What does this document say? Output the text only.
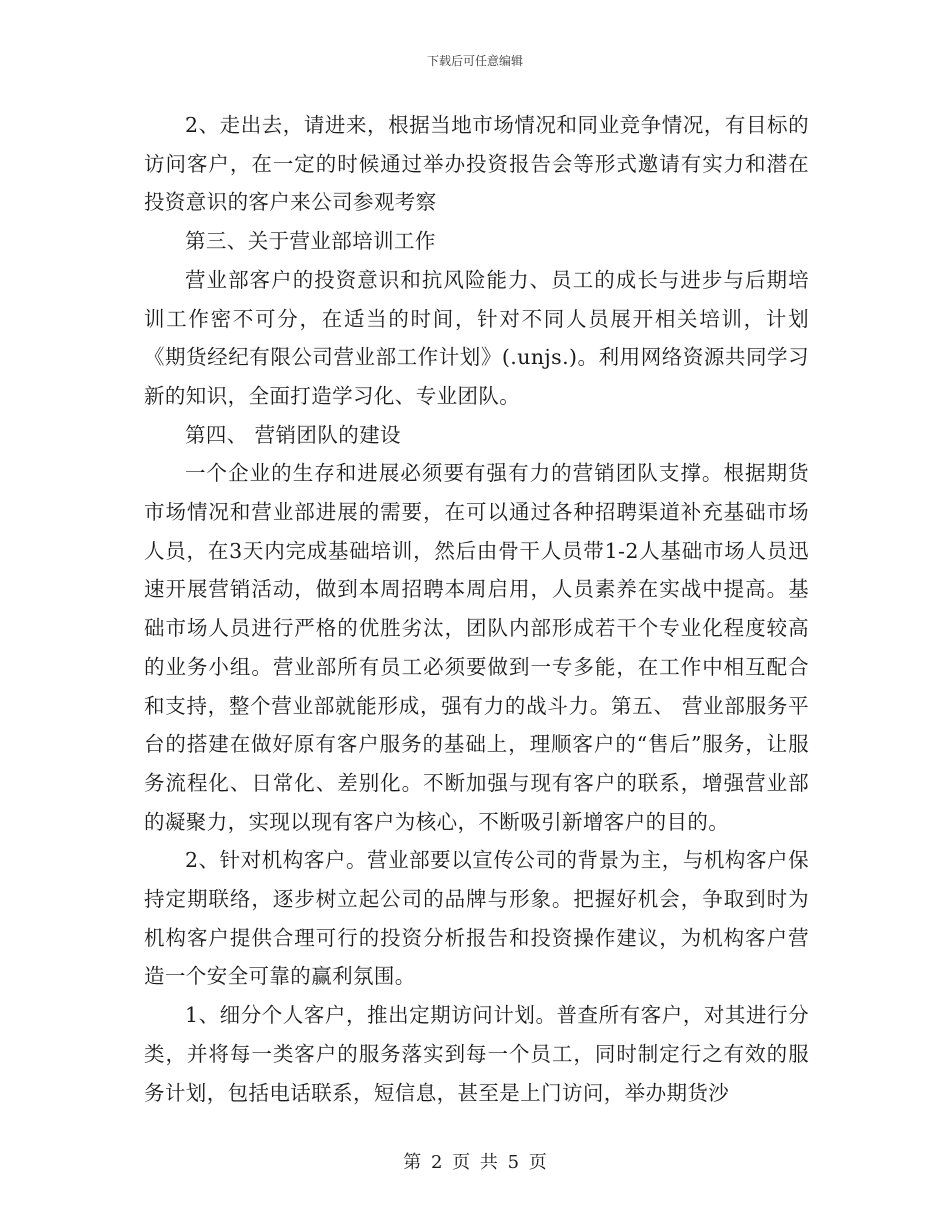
下载后可任意编辑

2、走出去，请进来，根据当地市场情况和同业竞争情况，有目标的访问客户，在一定的时候通过举办投资报告会等形式邀请有实力和潜在投资意识的客户来公司参观考察

第三、关于营业部培训工作

营业部客户的投资意识和抗风险能力、员工的成长与进步与后期培训工作密不可分，在适当的时间，针对不同人员展开相关培训，计划《期货经纪有限公司营业部工作计划》(.unjs.)。利用网络资源共同学习新的知识，全面打造学习化、专业团队。

第四、 营销团队的建设

一个企业的生存和进展必须要有强有力的营销团队支撑。根据期货市场情况和营业部进展的需要，在可以通过各种招聘渠道补充基础市场人员，在3天内完成基础培训，然后由骨干人员带1-2人基础市场人员迅速开展营销活动，做到本周招聘本周启用，人员素养在实战中提高。基础市场人员进行严格的优胜劣汰，团队内部形成若干个专业化程度较高的业务小组。营业部所有员工必须要做到一专多能，在工作中相互配合和支持，整个营业部就能形成，强有力的战斗力。第五、 营业部服务平台的搭建在做好原有客户服务的基础上，理顺客户的“售后”服务，让服务流程化、日常化、差别化。不断加强与现有客户的联系，增强营业部的凝聚力，实现以现有客户为核心，不断吸引新增客户的目的。

2、针对机构客户。营业部要以宣传公司的背景为主，与机构客户保持定期联络，逐步树立起公司的品牌与形象。把握好机会，争取到时为机构客户提供合理可行的投资分析报告和投资操作建议，为机构客户营造一个安全可靠的赢利氛围。

1、细分个人客户，推出定期访问计划。普查所有客户，对其进行分类，并将每一类客户的服务落实到每一个员工，同时制定行之有效的服务计划，包括电话联系，短信息，甚至是上门访问，举办期货沙

第 2 页 共 5 页
